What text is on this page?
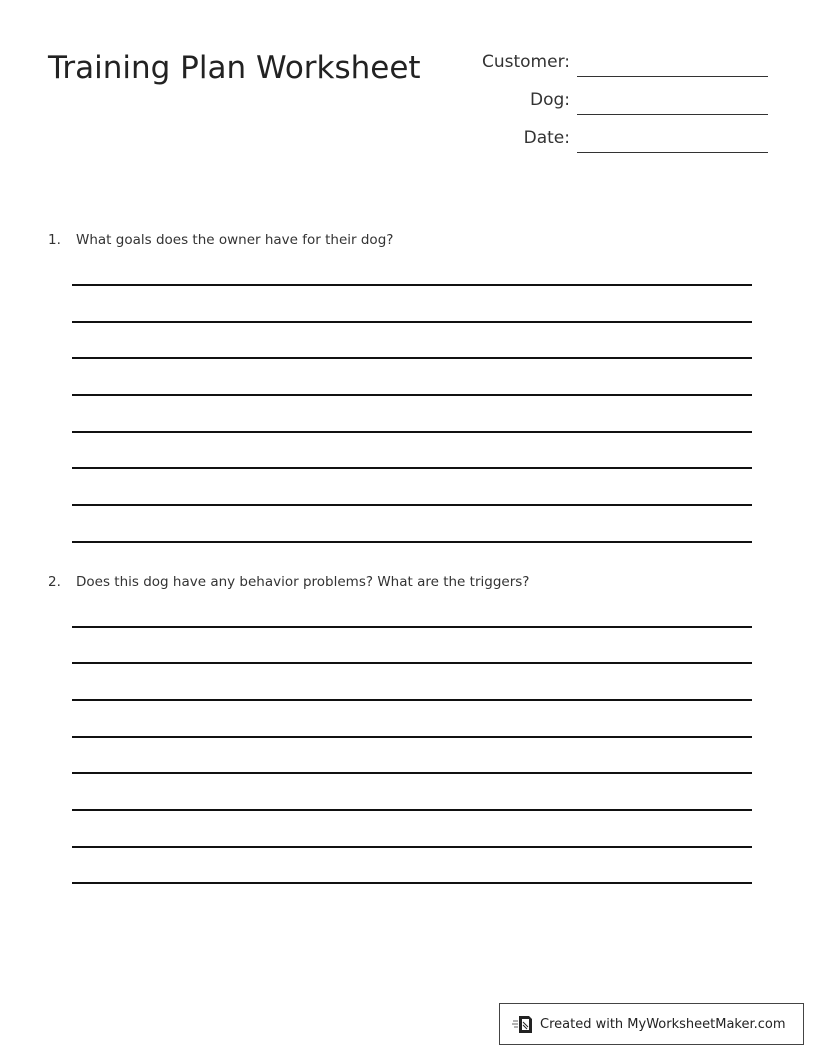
Training Plan Worksheet	Customer:
Dog:
Date:
1. What goals does the owner have for their dog?
2. Does this dog have any behavior problems? What are the triggers?
Created with MyWorksheetMaker.com
